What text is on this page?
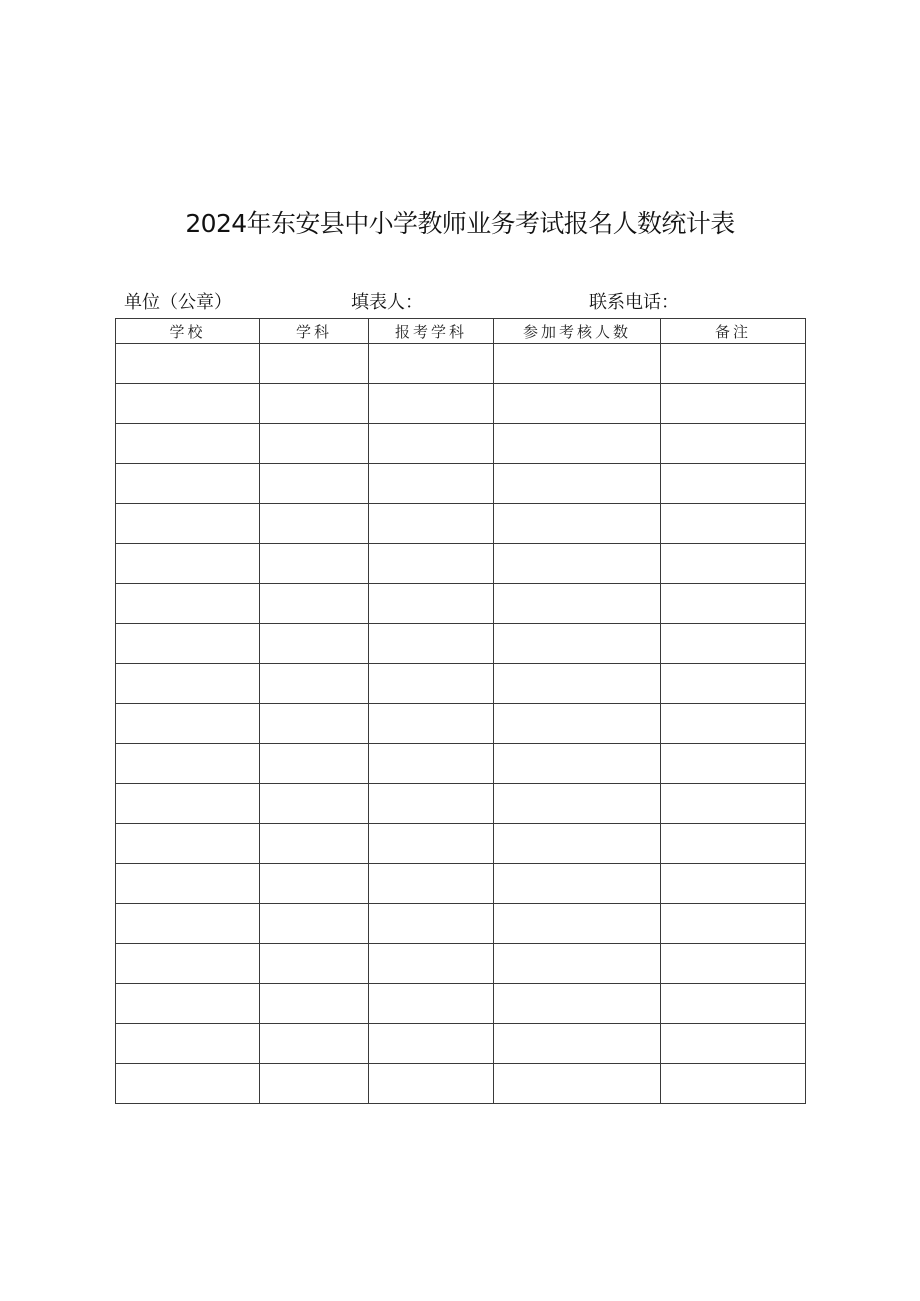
2024年东安县中小学教师业务考试报名人数统计表
单位（公章）	填表人：	联系电话：
学校	学科	报考学科	参加考核人数	备注
